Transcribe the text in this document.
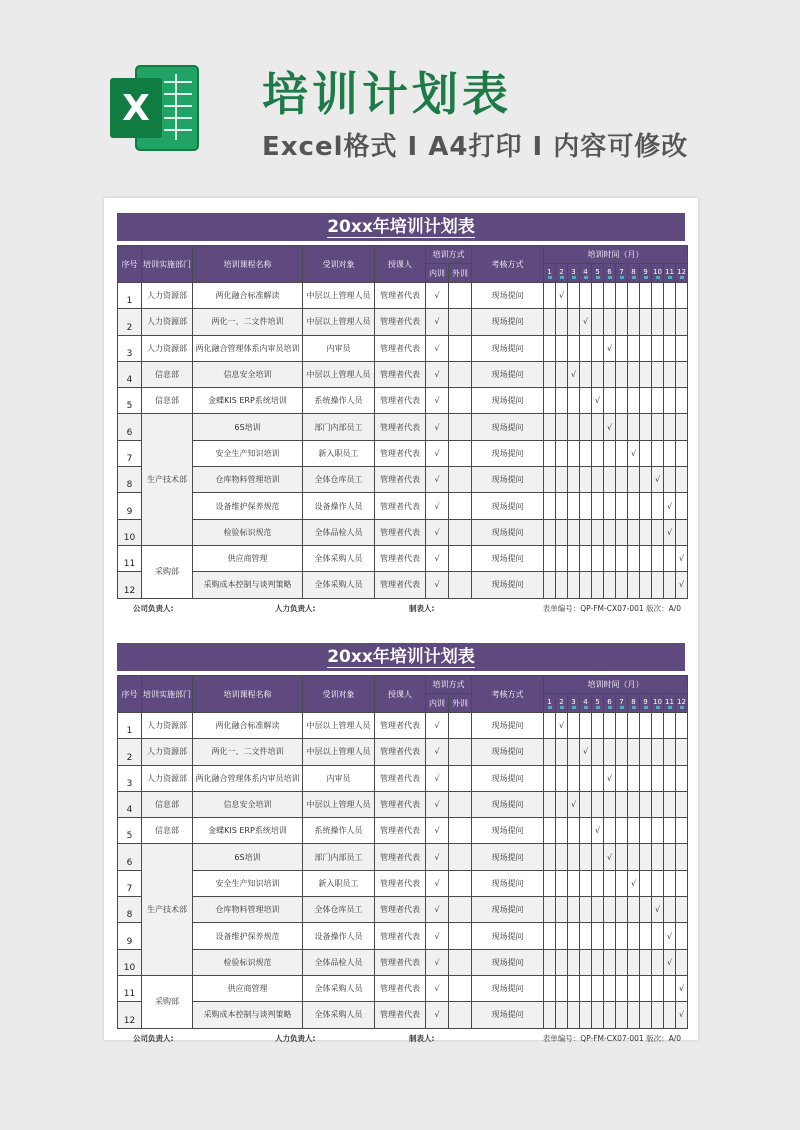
X 培训计划表
Excel格式 I A4打印 I 内容可修改
20xx年培训计划表
序号	培训实施部门	培训课程名称	受训对象	授课人	培训方式		考核方式	培训时间（月）											
					内训	外训		1	2	3	4	5	6	7	8	9	10	11	12

1	人力资源部	两化融合标准解读	中层以上管理人员	管理者代表	√		现场提问		√										
2	人力资源部	两化一、二文件培训	中层以上管理人员	管理者代表	√		现场提问				√								
3	人力资源部	两化融合管理体系内审员培训	内审员	管理者代表	√		现场提问						√						
4	信息部	信息安全培训	中层以上管理人员	管理者代表	√		现场提问			√									
5	信息部	金蝶KIS ERP系统培训	系统操作人员	管理者代表	√		现场提问					√							
6	生产技术部	6S培训	部门内部员工	管理者代表	√		现场提问						√						
7		安全生产知识培训	新入职员工	管理者代表	√		现场提问								√				
8		仓库物料管理培训	全体仓库员工	管理者代表	√		现场提问										√		
9		设备维护保养规范	设备操作人员	管理者代表	√		现场提问											√	
10		检验标识规范	全体品检人员	管理者代表	√		现场提问											√	
11	采购部	供应商管理	全体采购人员	管理者代表	√		现场提问												√
12		采购成本控制与谈判策略	全体采购人员	管理者代表	√		现场提问												√
公司负责人:	人力负责人:	制表人:	表单编号：QP-FM-CX07-001 版次：A/0
20xx年培训计划表
序号	培训实施部门	培训课程名称	受训对象	授课人	培训方式		考核方式	培训时间（月）											
					内训	外训		1	2	3	4	5	6	7	8	9	10	11	12

1	人力资源部	两化融合标准解读	中层以上管理人员	管理者代表	√		现场提问		√										
2	人力资源部	两化一、二文件培训	中层以上管理人员	管理者代表	√		现场提问				√								
3	人力资源部	两化融合管理体系内审员培训	内审员	管理者代表	√		现场提问						√						
4	信息部	信息安全培训	中层以上管理人员	管理者代表	√		现场提问			√									
5	信息部	金蝶KIS ERP系统培训	系统操作人员	管理者代表	√		现场提问					√							
6	生产技术部	6S培训	部门内部员工	管理者代表	√		现场提问						√						
7		安全生产知识培训	新入职员工	管理者代表	√		现场提问								√				
8		仓库物料管理培训	全体仓库员工	管理者代表	√		现场提问										√		
9		设备维护保养规范	设备操作人员	管理者代表	√		现场提问											√	
10		检验标识规范	全体品检人员	管理者代表	√		现场提问											√	
11	采购部	供应商管理	全体采购人员	管理者代表	√		现场提问												√
12		采购成本控制与谈判策略	全体采购人员	管理者代表	√		现场提问												√
公司负责人:	人力负责人:	制表人:	表单编号：QP-FM-CX07-001 版次：A/0
